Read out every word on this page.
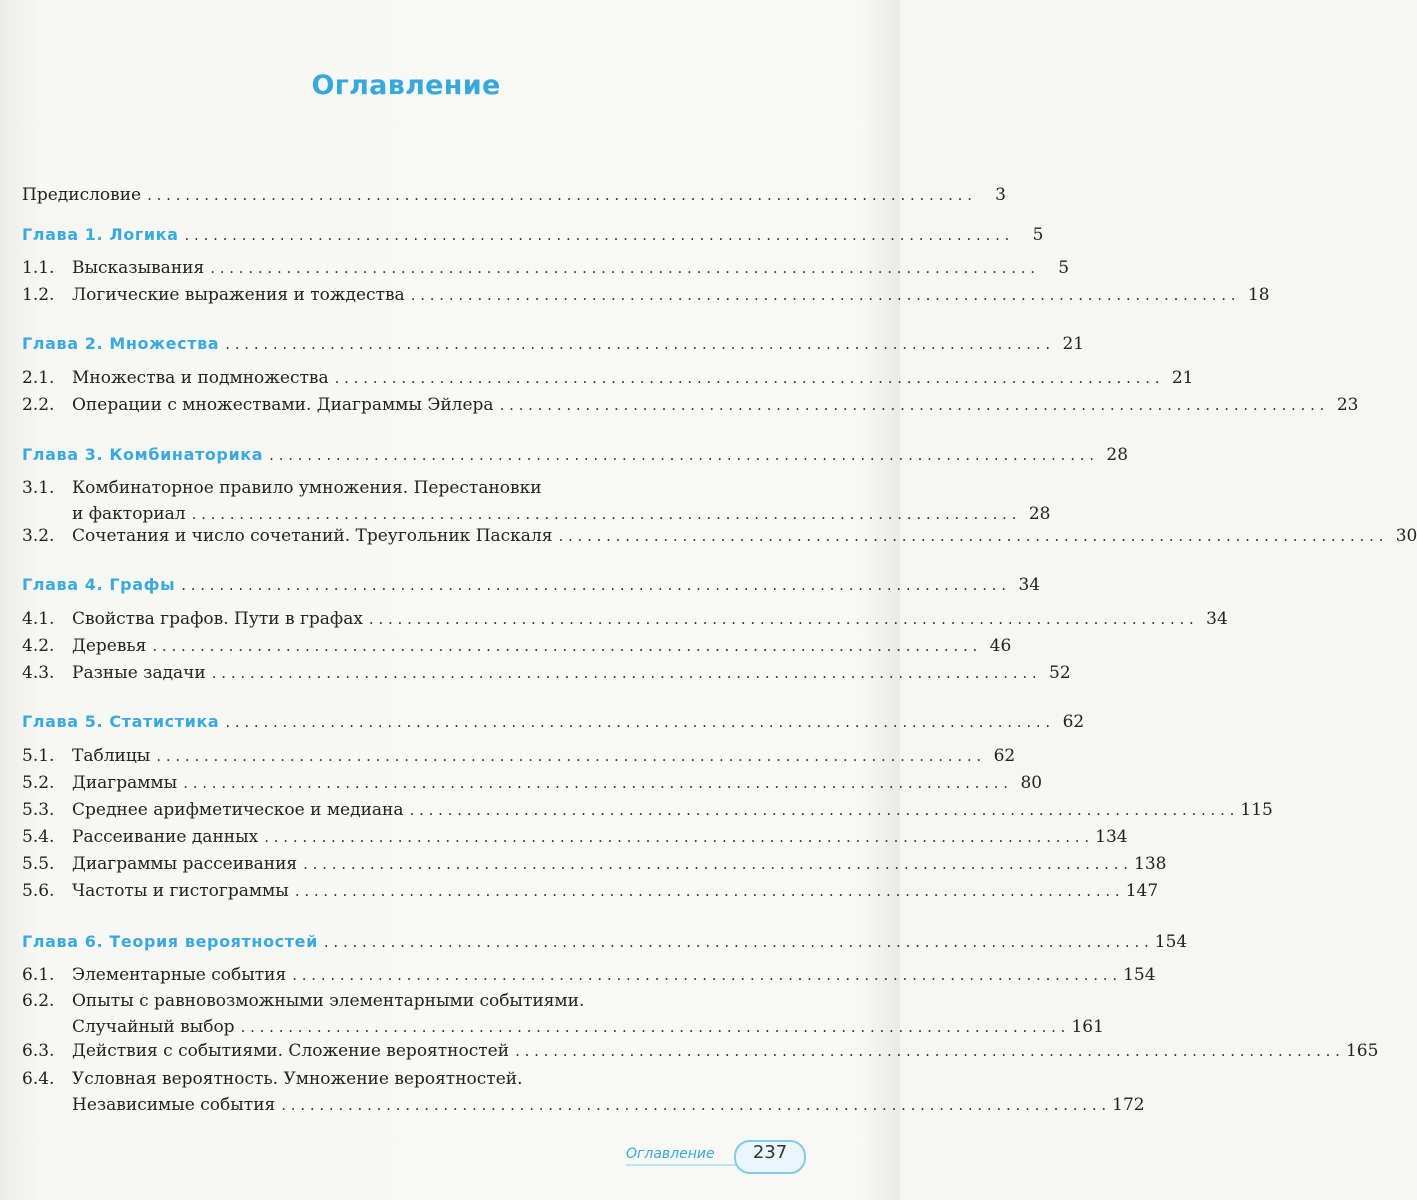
Оглавление
Предисловие . . .	3
Глава 1. Логика . . .	5
1.1.	Высказывания . . .	5
1.2.	Логические выражения и тождества . . .	18
Глава 2. Множества . . .	21
2.1.	Множества и подмножества . . .	21
2.2.	Операции с множествами. Диаграммы Эйлера . . .	23
Глава 3. Комбинаторика . . .	28
3.1.	Комбинаторное правило умножения. Перестановки
и факториал . . .	28
3.2.	Сочетания и число сочетаний. Треугольник Паскаля . . .	30
Глава 4. Графы . . .	34
4.1.	Свойства графов. Пути в графах . . .	34
4.2.	Деревья . . .	46
4.3.	Разные задачи . . .	52
Глава 5. Статистика . . .	62
5.1.	Таблицы . . .	62
5.2.	Диаграммы . . .	80
5.3.	Среднее арифметическое и медиана . . .	115
5.4.	Рассеивание данных . . .	134
5.5.	Диаграммы рассеивания . . .	138
5.6.	Частоты и гистограммы . . .	147
Глава 6. Теория вероятностей . . .	154
6.1.	Элементарные события . . .	154
6.2.	Опыты с равновозможными элементарными событиями.
Случайный выбор . . .	161
6.3.	Действия с событиями. Сложение вероятностей . . .	165
6.4.	Условная вероятность. Умножение вероятностей.
Независимые события . . .	172
Оглавление	237
